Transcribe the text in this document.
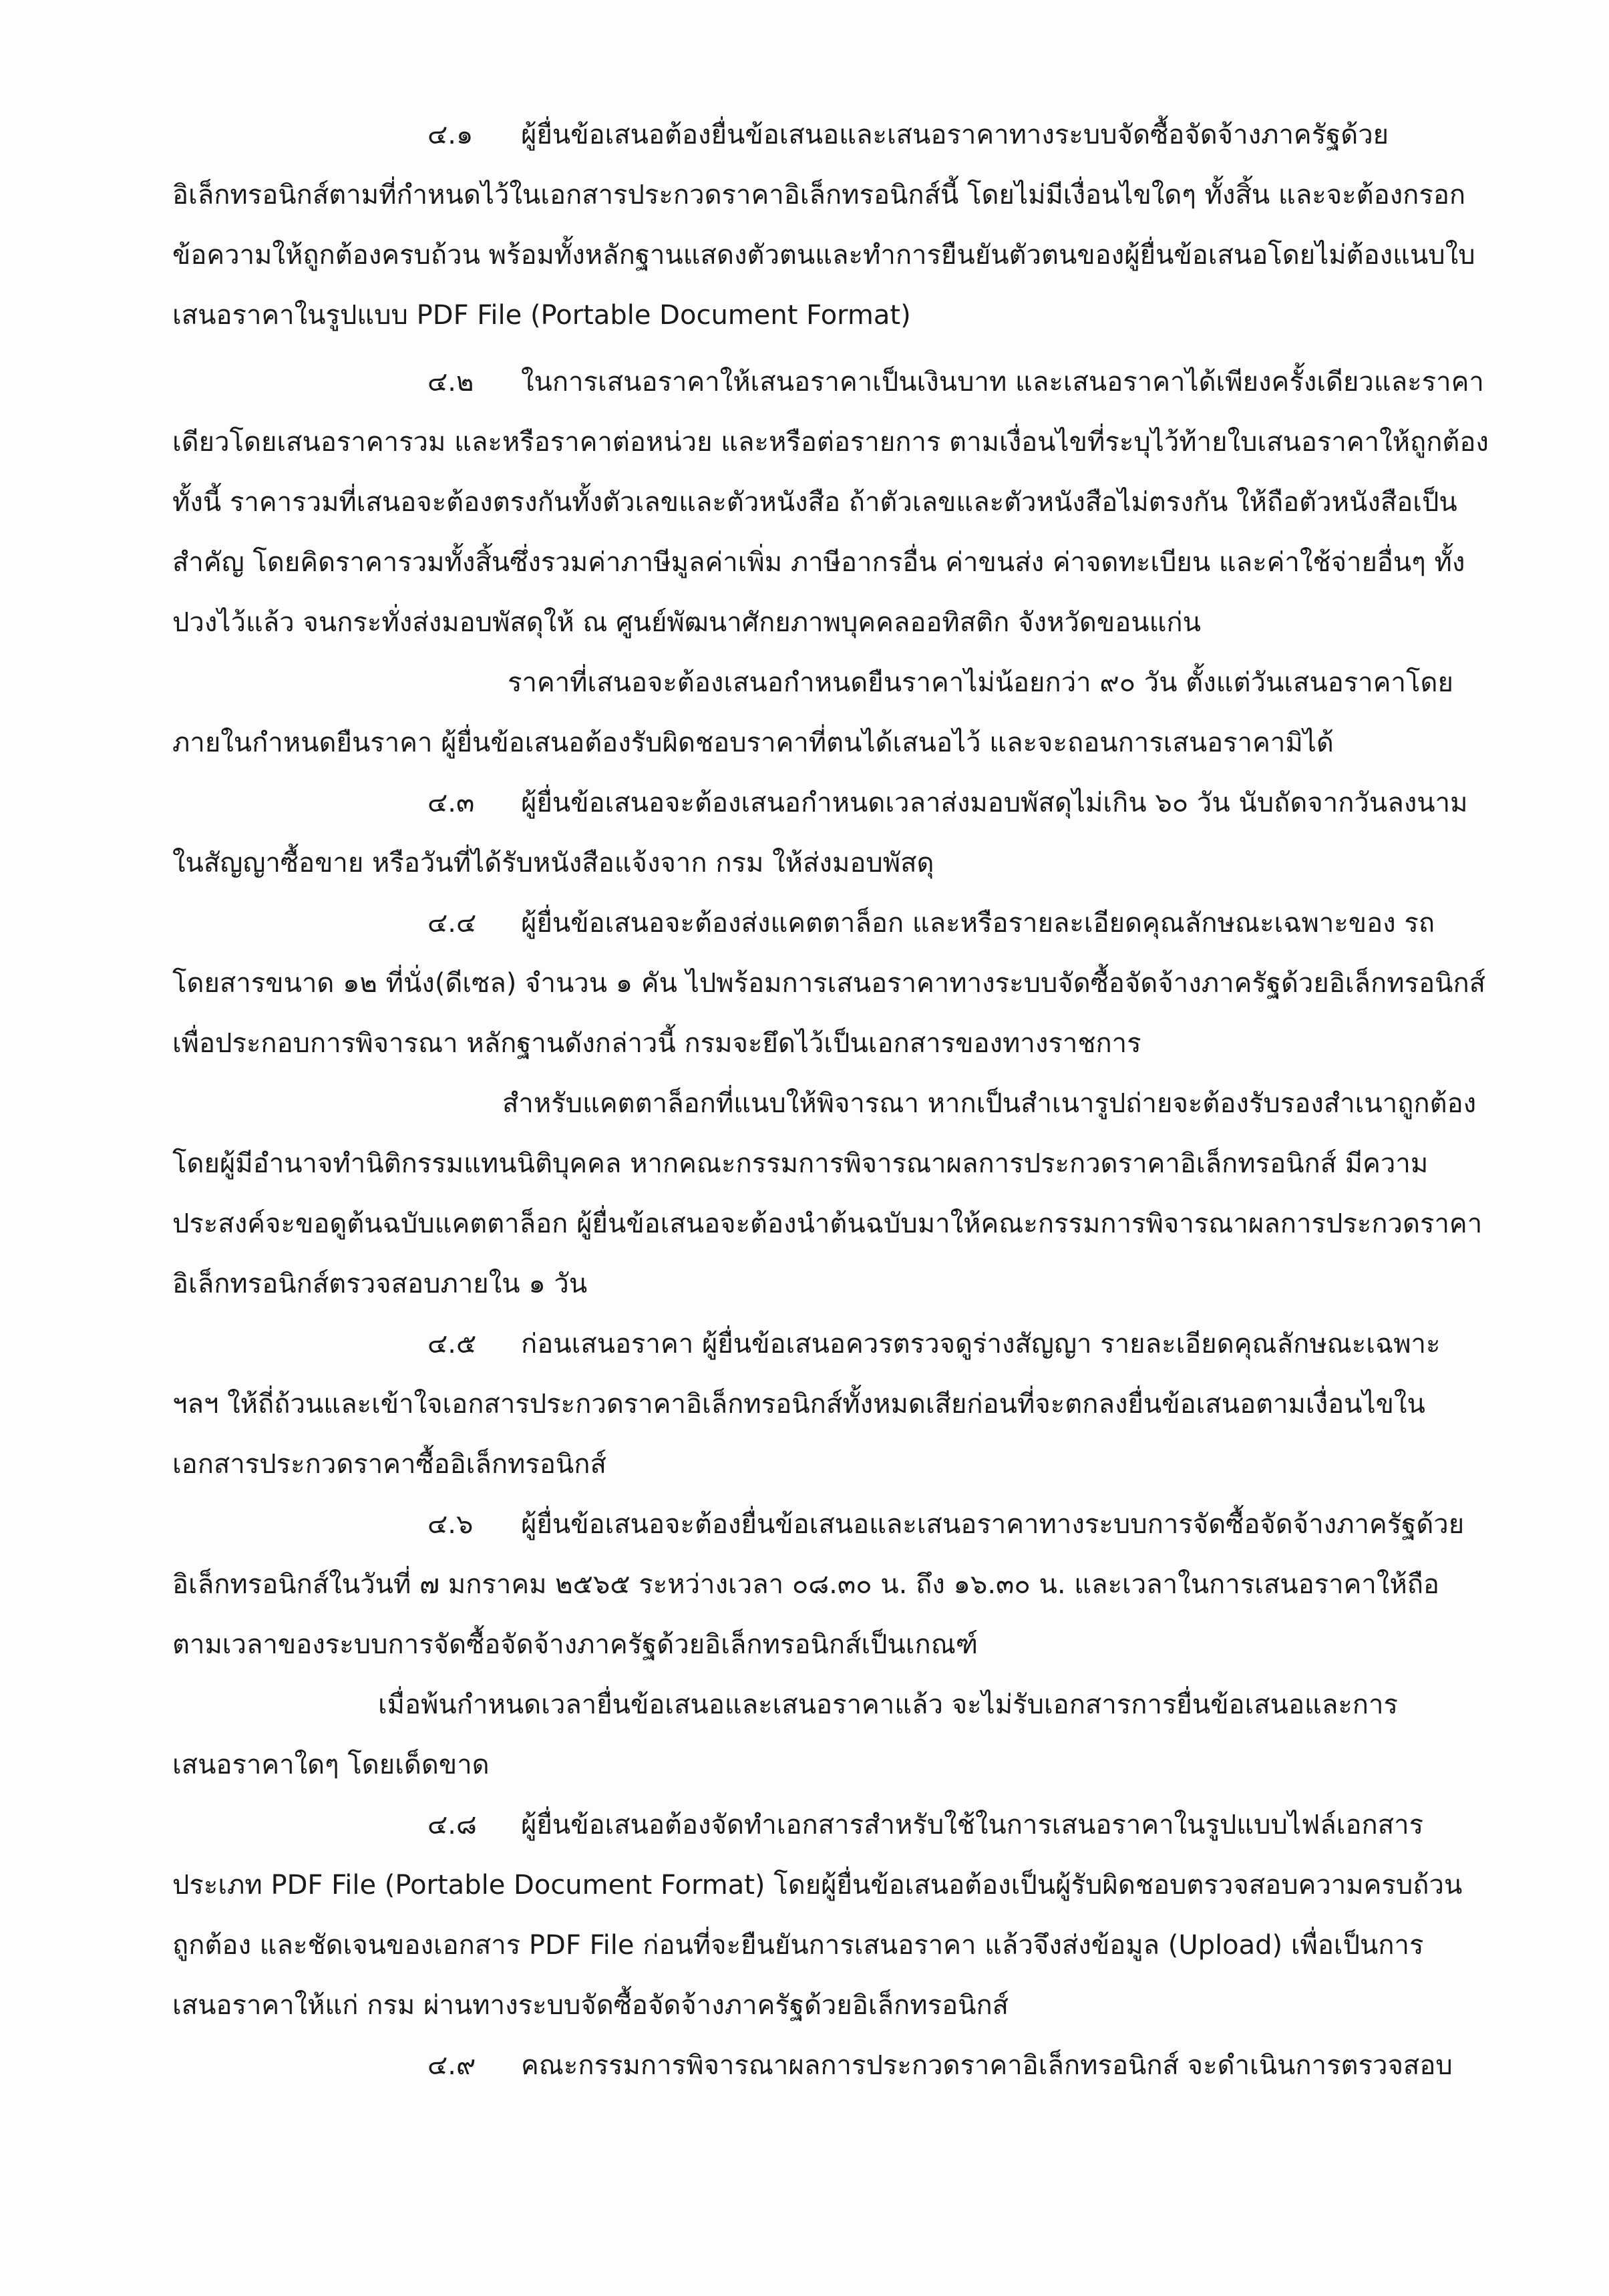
๔.๑ ผู้ยื่นข้อเสนอต้องยื่นข้อเสนอและเสนอราคาทางระบบจัดซื้อจัดจ้างภาครัฐด้วย
อิเล็กทรอนิกส์ตามที่กำหนดไว้ในเอกสารประกวดราคาอิเล็กทรอนิกส์นี้ โดยไม่มีเงื่อนไขใดๆ ทั้งสิ้น และจะต้องกรอก
ข้อความให้ถูกต้องครบถ้วน พร้อมทั้งหลักฐานแสดงตัวตนและทำการยืนยันตัวตนของผู้ยื่นข้อเสนอโดยไม่ต้องแนบใบ
เสนอราคาในรูปแบบ PDF File (Portable Document Format)
๔.๒ ในการเสนอราคาให้เสนอราคาเป็นเงินบาท และเสนอราคาได้เพียงครั้งเดียวและราคา
เดียวโดยเสนอราคารวม และหรือราคาต่อหน่วย และหรือต่อรายการ ตามเงื่อนไขที่ระบุไว้ท้ายใบเสนอราคาให้ถูกต้อง
ทั้งนี้ ราคารวมที่เสนอจะต้องตรงกันทั้งตัวเลขและตัวหนังสือ ถ้าตัวเลขและตัวหนังสือไม่ตรงกัน ให้ถือตัวหนังสือเป็น
สำคัญ โดยคิดราคารวมทั้งสิ้นซึ่งรวมค่าภาษีมูลค่าเพิ่ม ภาษีอากรอื่น ค่าขนส่ง ค่าจดทะเบียน และค่าใช้จ่ายอื่นๆ ทั้ง
ปวงไว้แล้ว จนกระทั่งส่งมอบพัสดุให้ ณ ศูนย์พัฒนาศักยภาพบุคคลออทิสติก จังหวัดขอนแก่น
ราคาที่เสนอจะต้องเสนอกำหนดยืนราคาไม่น้อยกว่า ๙๐ วัน ตั้งแต่วันเสนอราคาโดย
ภายในกำหนดยืนราคา ผู้ยื่นข้อเสนอต้องรับผิดชอบราคาที่ตนได้เสนอไว้ และจะถอนการเสนอราคามิได้
๔.๓ ผู้ยื่นข้อเสนอจะต้องเสนอกำหนดเวลาส่งมอบพัสดุไม่เกิน ๖๐ วัน นับถัดจากวันลงนาม
ในสัญญาซื้อขาย หรือวันที่ได้รับหนังสือแจ้งจาก กรม ให้ส่งมอบพัสดุ
๔.๔ ผู้ยื่นข้อเสนอจะต้องส่งแคตตาล็อก และหรือรายละเอียดคุณลักษณะเฉพาะของ รถ
โดยสารขนาด ๑๒ ที่นั่ง(ดีเซล) จำนวน ๑ คัน ไปพร้อมการเสนอราคาทางระบบจัดซื้อจัดจ้างภาครัฐด้วยอิเล็กทรอนิกส์
เพื่อประกอบการพิจารณา หลักฐานดังกล่าวนี้ กรมจะยึดไว้เป็นเอกสารของทางราชการ
สำหรับแคตตาล็อกที่แนบให้พิจารณา หากเป็นสำเนารูปถ่ายจะต้องรับรองสำเนาถูกต้อง
โดยผู้มีอำนาจทำนิติกรรมแทนนิติบุคคล หากคณะกรรมการพิจารณาผลการประกวดราคาอิเล็กทรอนิกส์ มีความ
ประสงค์จะขอดูต้นฉบับแคตตาล็อก ผู้ยื่นข้อเสนอจะต้องนำต้นฉบับมาให้คณะกรรมการพิจารณาผลการประกวดราคา
อิเล็กทรอนิกส์ตรวจสอบภายใน ๑ วัน
๔.๕ ก่อนเสนอราคา ผู้ยื่นข้อเสนอควรตรวจดูร่างสัญญา รายละเอียดคุณลักษณะเฉพาะ
ฯลฯ ให้ถี่ถ้วนและเข้าใจเอกสารประกวดราคาอิเล็กทรอนิกส์ทั้งหมดเสียก่อนที่จะตกลงยื่นข้อเสนอตามเงื่อนไขใน
เอกสารประกวดราคาซื้ออิเล็กทรอนิกส์
๔.๖ ผู้ยื่นข้อเสนอจะต้องยื่นข้อเสนอและเสนอราคาทางระบบการจัดซื้อจัดจ้างภาครัฐด้วย
อิเล็กทรอนิกส์ในวันที่ ๗ มกราคม ๒๕๖๕ ระหว่างเวลา ๐๘.๓๐ น. ถึง ๑๖.๓๐ น. และเวลาในการเสนอราคาให้ถือ
ตามเวลาของระบบการจัดซื้อจัดจ้างภาครัฐด้วยอิเล็กทรอนิกส์เป็นเกณฑ์
เมื่อพ้นกำหนดเวลายื่นข้อเสนอและเสนอราคาแล้ว จะไม่รับเอกสารการยื่นข้อเสนอและการ
เสนอราคาใดๆ โดยเด็ดขาด
๔.๘ ผู้ยื่นข้อเสนอต้องจัดทำเอกสารสำหรับใช้ในการเสนอราคาในรูปแบบไฟล์เอกสาร
ประเภท PDF File (Portable Document Format) โดยผู้ยื่นข้อเสนอต้องเป็นผู้รับผิดชอบตรวจสอบความครบถ้วน
ถูกต้อง และชัดเจนของเอกสาร PDF File ก่อนที่จะยืนยันการเสนอราคา แล้วจึงส่งข้อมูล (Upload) เพื่อเป็นการ
เสนอราคาให้แก่ กรม ผ่านทางระบบจัดซื้อจัดจ้างภาครัฐด้วยอิเล็กทรอนิกส์
๔.๙ คณะกรรมการพิจารณาผลการประกวดราคาอิเล็กทรอนิกส์ จะดำเนินการตรวจสอบ
